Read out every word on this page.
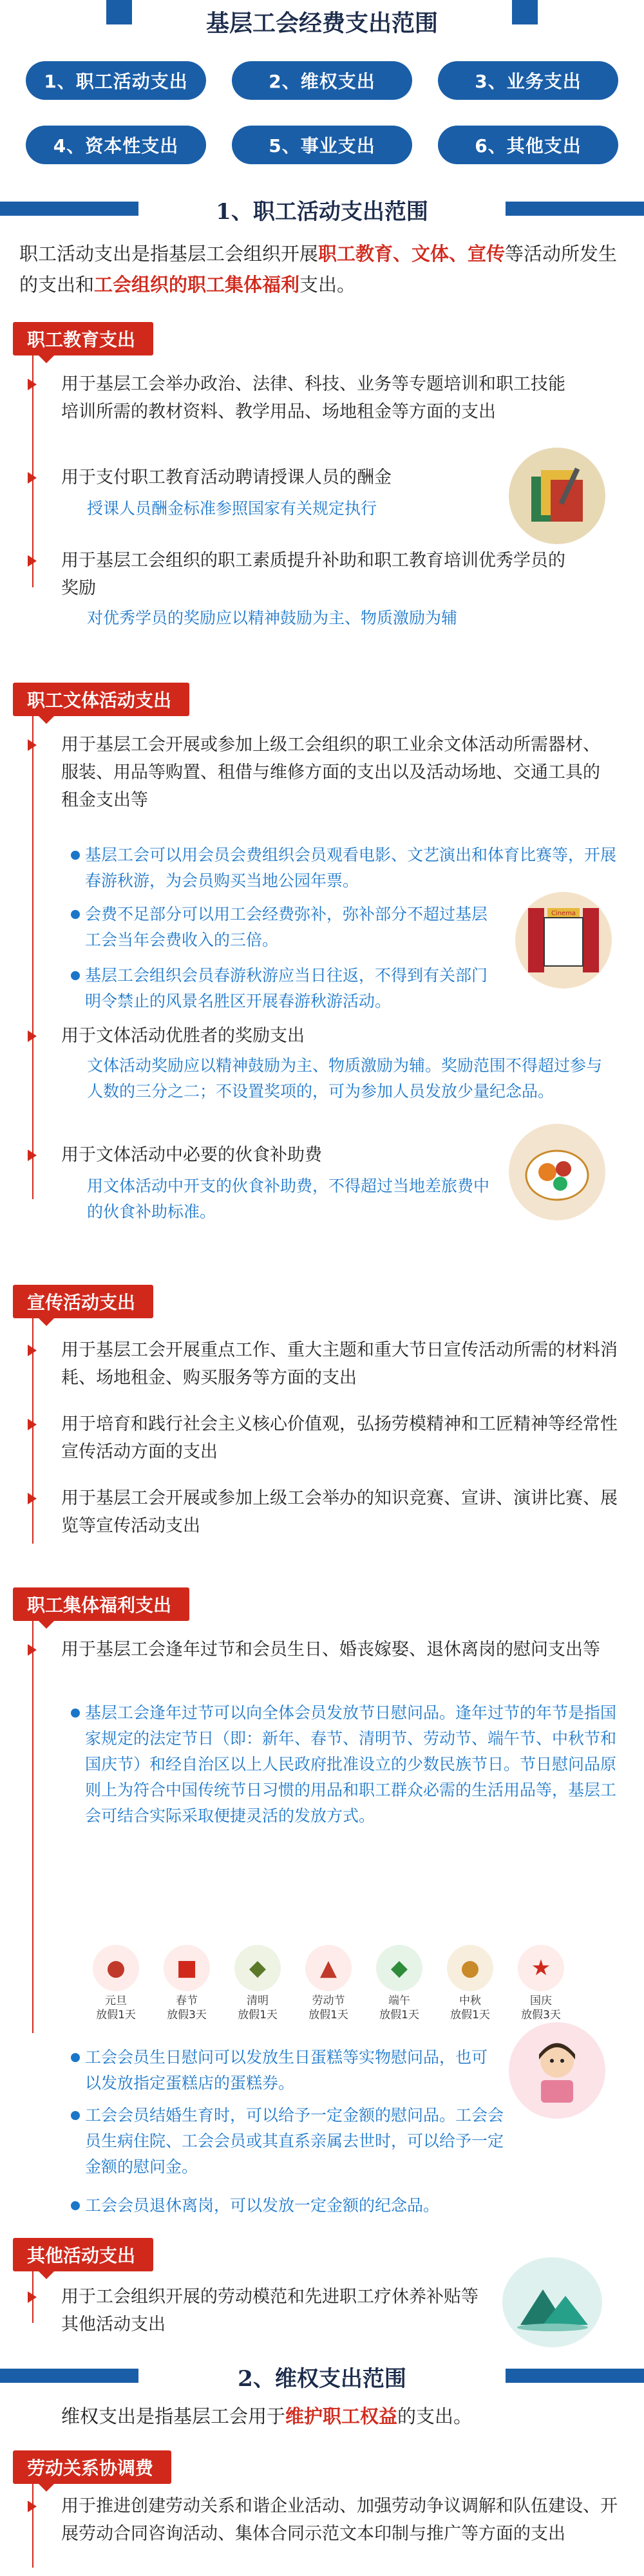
基层工会经费支出范围
1、职工活动支出	2、维权支出	3、业务支出
4、资本性支出	5、事业支出	6、其他支出
1、职工活动支出范围
职工活动支出是指基层工会组织开展职工教育、文体、宣传等活动所发生的支出和工会组织的职工集体福利支出。
职工教育支出
用于基层工会举办政治、法律、科技、业务等专题培训和职工技能培训所需的教材资料、教学用品、场地租金等方面的支出
用于支付职工教育活动聘请授课人员的酬金
授课人员酬金标准参照国家有关规定执行
用于基层工会组织的职工素质提升补助和职工教育培训优秀学员的奖励
对优秀学员的奖励应以精神鼓励为主、物质激励为辅
职工文体活动支出
用于基层工会开展或参加上级工会组织的职工业余文体活动所需器材、服装、用品等购置、租借与维修方面的支出以及活动场地、交通工具的租金支出等
基层工会可以用会员会费组织会员观看电影、文艺演出和体育比赛等，开展春游秋游，为会员购买当地公园年票。
会费不足部分可以用工会经费弥补，弥补部分不超过基层工会当年会费收入的三倍。
Cinema
基层工会组织会员春游秋游应当日往返，不得到有关部门明令禁止的风景名胜区开展春游秋游活动。
用于文体活动优胜者的奖励支出
文体活动奖励应以精神鼓励为主、物质激励为辅。奖励范围不得超过参与人数的三分之二；不设置奖项的，可为参加人员发放少量纪念品。
用于文体活动中必要的伙食补助费
用文体活动中开支的伙食补助费，不得超过当地差旅费中的伙食补助标准。
宣传活动支出
用于基层工会开展重点工作、重大主题和重大节日宣传活动所需的材料消耗、场地租金、购买服务等方面的支出
用于培育和践行社会主义核心价值观，弘扬劳模精神和工匠精神等经常性宣传活动方面的支出
用于基层工会开展或参加上级工会举办的知识竞赛、宣讲、演讲比赛、展览等宣传活动支出
职工集体福利支出
用于基层工会逢年过节和会员生日、婚丧嫁娶、退休离岗的慰问支出等
基层工会逢年过节可以向全体会员发放节日慰问品。逢年过节的年节是指国家规定的法定节日（即：新年、春节、清明节、劳动节、端午节、中秋节和国庆节）和经自治区以上人民政府批准设立的少数民族节日。节日慰问品原则上为符合中国传统节日习惯的用品和职工群众必需的生活用品等，基层工会可结合实际采取便捷灵活的发放方式。
●
元旦
放假1天
■
春节
放假3天
◆
清明
放假1天
▲
劳动节
放假1天
◆
端午
放假1天
●
中秋
放假1天
★
国庆
放假3天
工会会员生日慰问可以发放生日蛋糕等实物慰问品，也可以发放指定蛋糕店的蛋糕券。
工会会员结婚生育时，可以给予一定金额的慰问品。工会会员生病住院、工会会员或其直系亲属去世时，可以给予一定金额的慰问金。
工会会员退休离岗，可以发放一定金额的纪念品。
其他活动支出
用于工会组织开展的劳动模范和先进职工疗休养补贴等其他活动支出
2、维权支出范围
维权支出是指基层工会用于维护职工权益的支出。
劳动关系协调费
用于推进创建劳动关系和谐企业活动、加强劳动争议调解和队伍建设、开展劳动合同咨询活动、集体合同示范文本印制与推广等方面的支出
